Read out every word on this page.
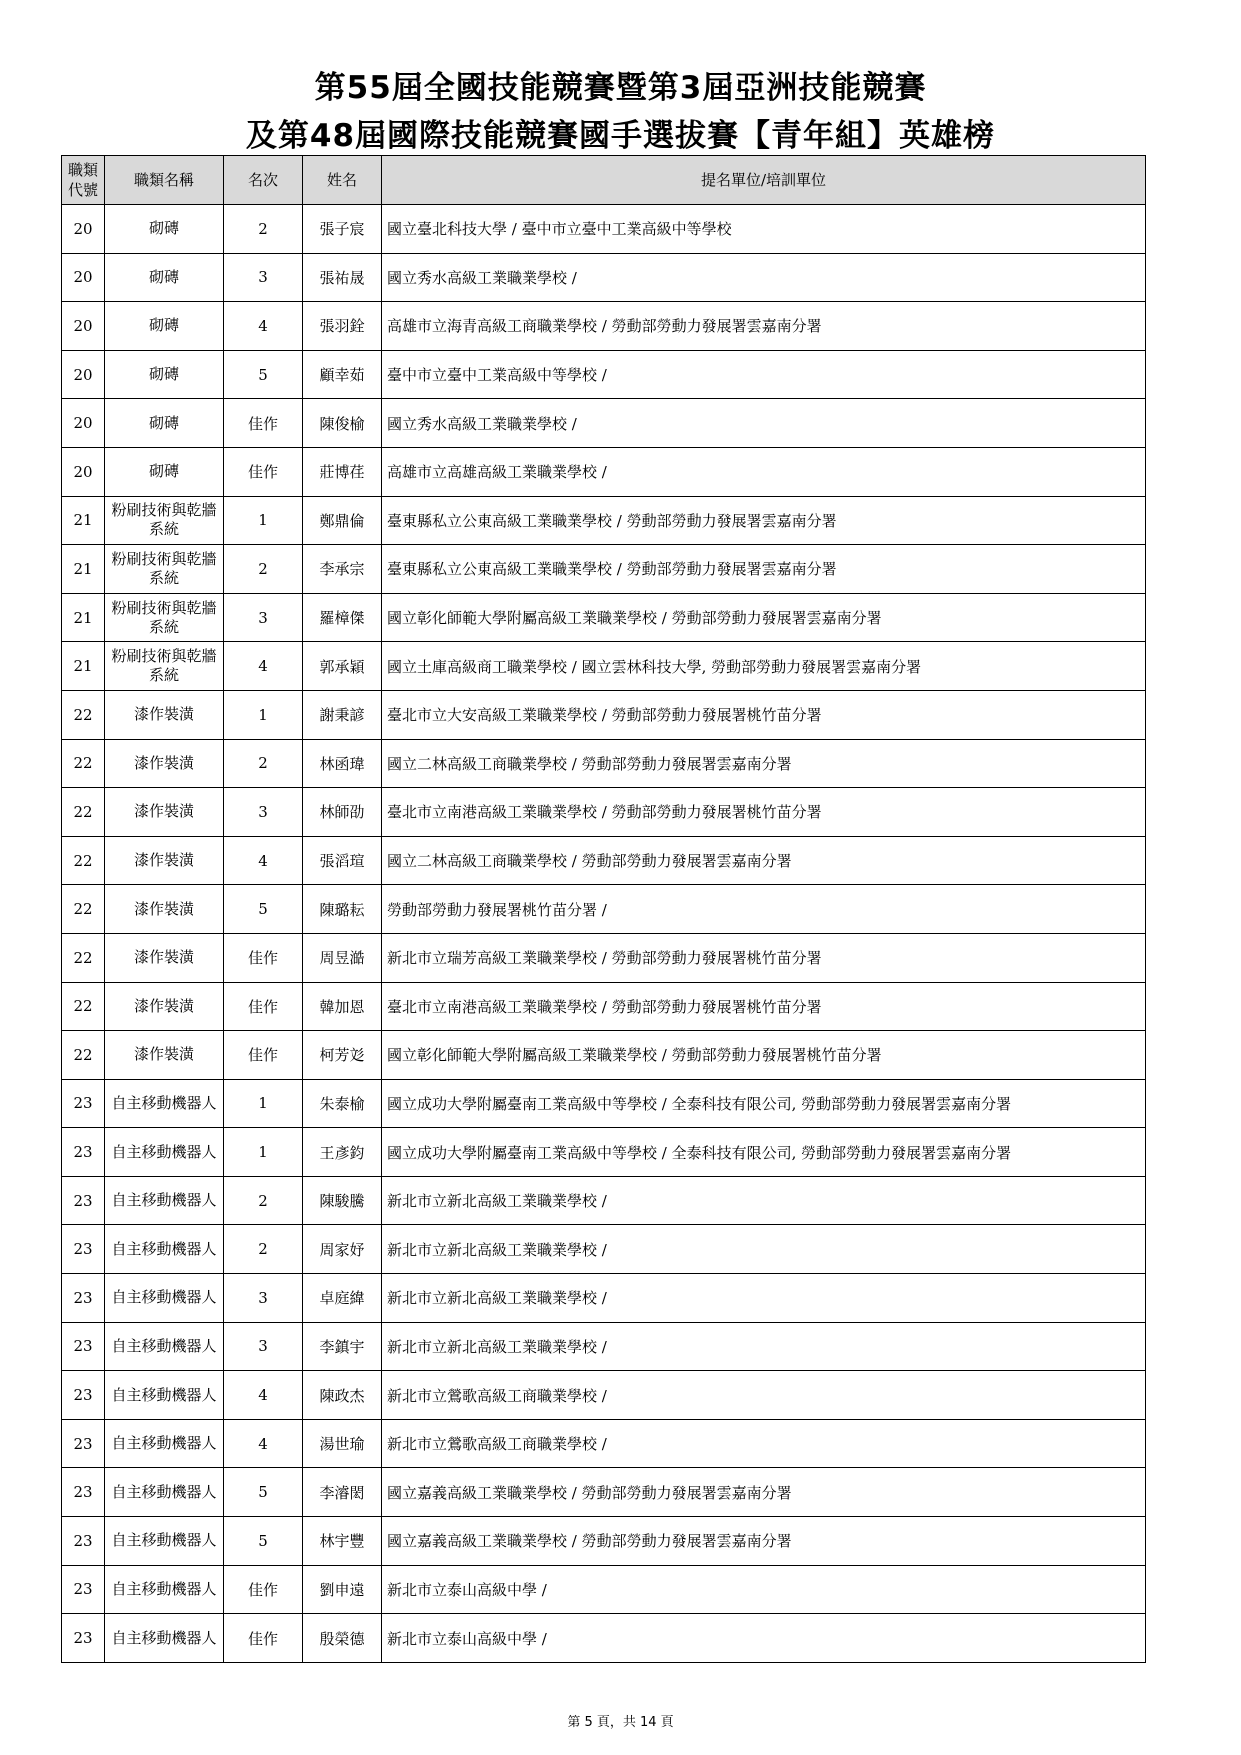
第55屆全國技能競賽暨第3屆亞洲技能競賽
及第48屆國際技能競賽國手選拔賽【青年組】英雄榜
職類代號	職類名稱	名次	姓名	提名單位/培訓單位
20	砌磚	2	張子宸	國立臺北科技大學 / 臺中市立臺中工業高級中等學校
20	砌磚	3	張祐晟	國立秀水高級工業職業學校 /
20	砌磚	4	張羽銓	高雄市立海青高級工商職業學校 / 勞動部勞動力發展署雲嘉南分署
20	砌磚	5	顧幸茹	臺中市立臺中工業高級中等學校 /
20	砌磚	佳作	陳俊榆	國立秀水高級工業職業學校 /
20	砌磚	佳作	莊博荏	高雄市立高雄高級工業職業學校 /
21	粉刷技術與乾牆系統	1	鄭鼎倫	臺東縣私立公東高級工業職業學校 / 勞動部勞動力發展署雲嘉南分署
21	粉刷技術與乾牆系統	2	李承宗	臺東縣私立公東高級工業職業學校 / 勞動部勞動力發展署雲嘉南分署
21	粉刷技術與乾牆系統	3	羅樟傑	國立彰化師範大學附屬高級工業職業學校 / 勞動部勞動力發展署雲嘉南分署
21	粉刷技術與乾牆系統	4	郭承穎	國立土庫高級商工職業學校 / 國立雲林科技大學, 勞動部勞動力發展署雲嘉南分署
22	漆作裝潢	1	謝秉諺	臺北市立大安高級工業職業學校 / 勞動部勞動力發展署桃竹苗分署
22	漆作裝潢	2	林函瑋	國立二林高級工商職業學校 / 勞動部勞動力發展署雲嘉南分署
22	漆作裝潢	3	林師劭	臺北市立南港高級工業職業學校 / 勞動部勞動力發展署桃竹苗分署
22	漆作裝潢	4	張滔瑄	國立二林高級工商職業學校 / 勞動部勞動力發展署雲嘉南分署
22	漆作裝潢	5	陳璐耘	勞動部勞動力發展署桃竹苗分署 /
22	漆作裝潢	佳作	周昱澔	新北市立瑞芳高級工業職業學校 / 勞動部勞動力發展署桃竹苗分署
22	漆作裝潢	佳作	韓加恩	臺北市立南港高級工業職業學校 / 勞動部勞動力發展署桃竹苗分署
22	漆作裝潢	佳作	柯芳彣	國立彰化師範大學附屬高級工業職業學校 / 勞動部勞動力發展署桃竹苗分署
23	自主移動機器人	1	朱泰榆	國立成功大學附屬臺南工業高級中等學校 / 全泰科技有限公司, 勞動部勞動力發展署雲嘉南分署
23	自主移動機器人	1	王彥鈞	國立成功大學附屬臺南工業高級中等學校 / 全泰科技有限公司, 勞動部勞動力發展署雲嘉南分署
23	自主移動機器人	2	陳駿騰	新北市立新北高級工業職業學校 /
23	自主移動機器人	2	周家妤	新北市立新北高級工業職業學校 /
23	自主移動機器人	3	卓庭緯	新北市立新北高級工業職業學校 /
23	自主移動機器人	3	李鎮宇	新北市立新北高級工業職業學校 /
23	自主移動機器人	4	陳政杰	新北市立鶯歌高級工商職業學校 /
23	自主移動機器人	4	湯世瑜	新北市立鶯歌高級工商職業學校 /
23	自主移動機器人	5	李濬閎	國立嘉義高級工業職業學校 / 勞動部勞動力發展署雲嘉南分署
23	自主移動機器人	5	林宇豐	國立嘉義高級工業職業學校 / 勞動部勞動力發展署雲嘉南分署
23	自主移動機器人	佳作	劉申遠	新北市立泰山高級中學 /
23	自主移動機器人	佳作	殷榮德	新北市立泰山高級中學 /
第 5 頁，共 14 頁
